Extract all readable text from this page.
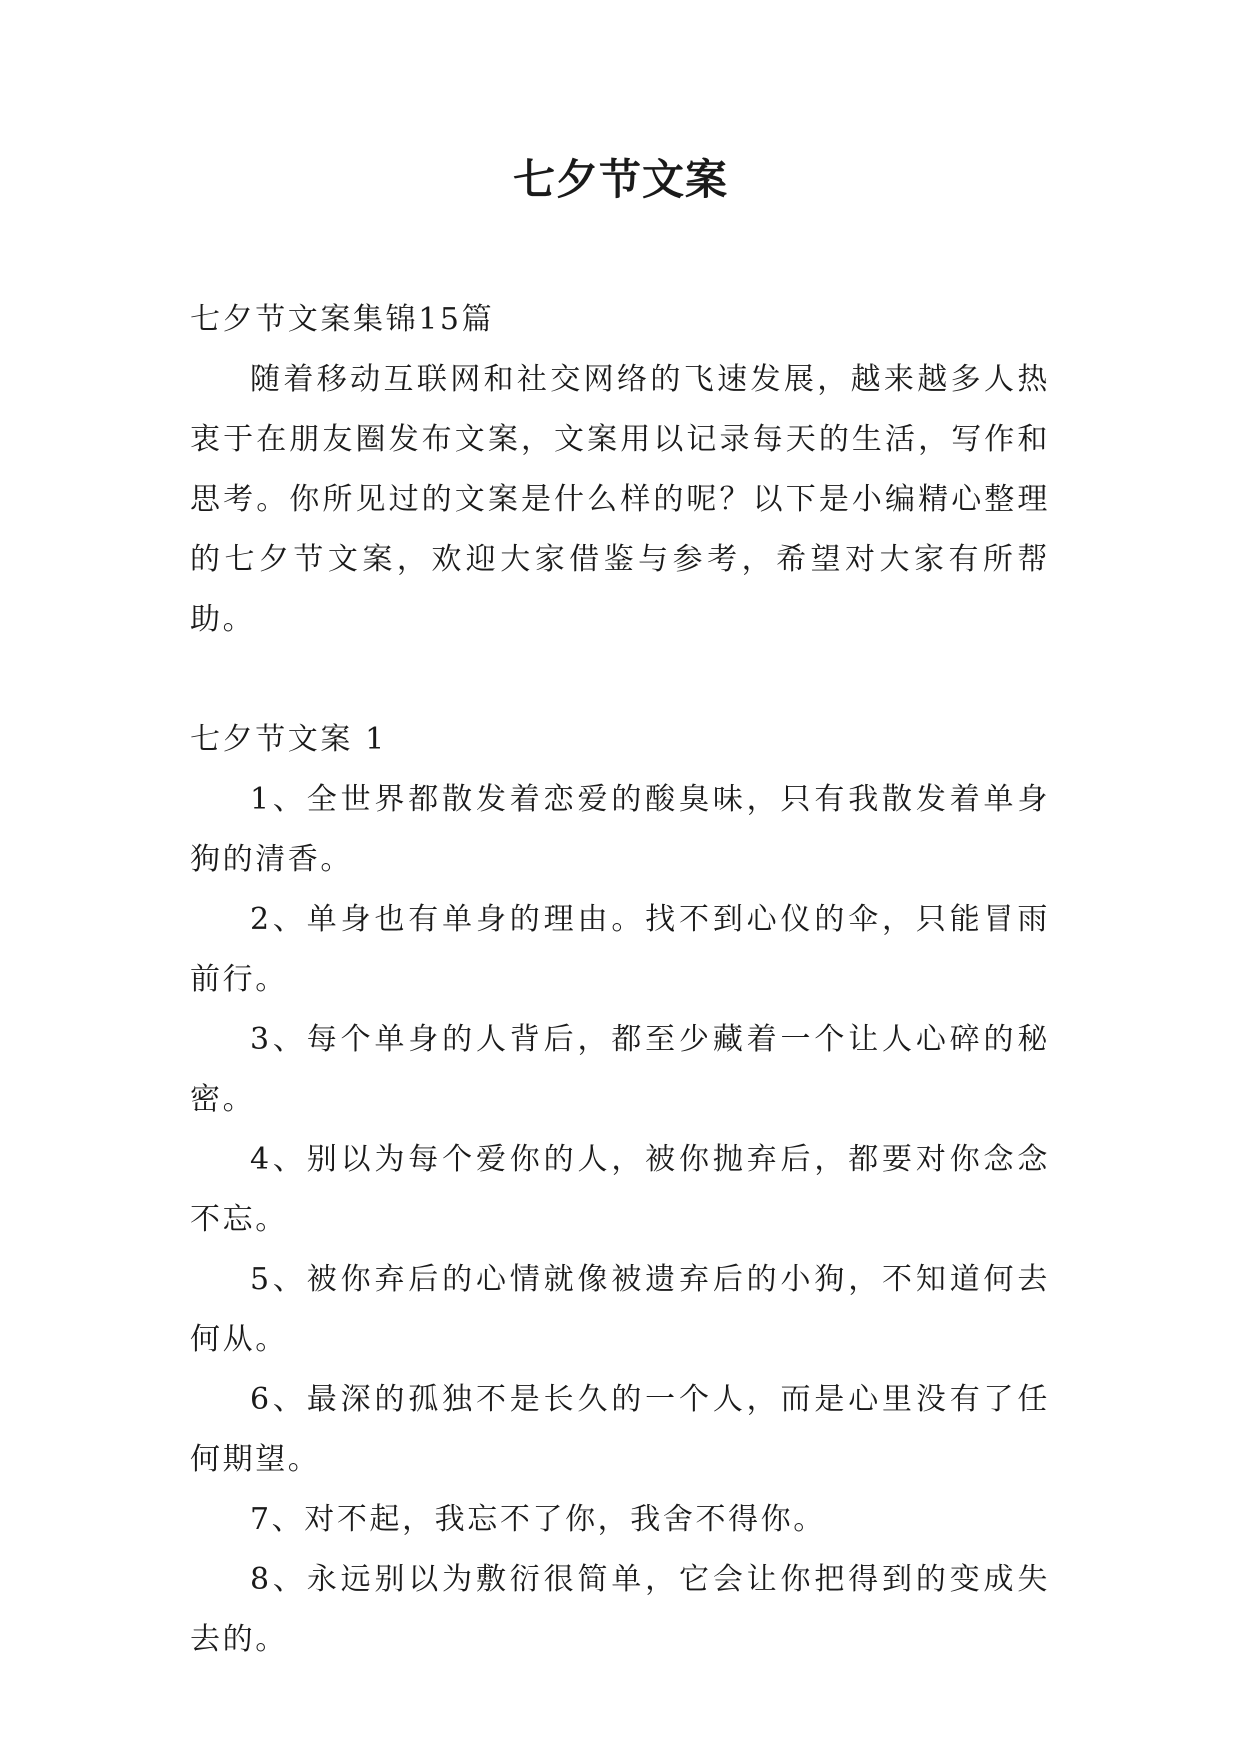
七夕节文案

七夕节文案集锦15篇

随着移动互联网和社交网络的飞速发展，越来越多人热衷于在朋友圈发布文案，文案用以记录每天的生活，写作和思考。你所见过的文案是什么样的呢？以下是小编精心整理的七夕节文案，欢迎大家借鉴与参考，希望对大家有所帮助。

七夕节文案 1

1、全世界都散发着恋爱的酸臭味，只有我散发着单身狗的清香。

2、单身也有单身的理由。找不到心仪的伞，只能冒雨前行。

3、每个单身的人背后，都至少藏着一个让人心碎的秘密。

4、别以为每个爱你的人，被你抛弃后，都要对你念念不忘。

5、被你弃后的心情就像被遗弃后的小狗，不知道何去何从。

6、最深的孤独不是长久的一个人，而是心里没有了任何期望。

7、对不起，我忘不了你，我舍不得你。

8、永远别以为敷衍很简单，它会让你把得到的变成失去的。
